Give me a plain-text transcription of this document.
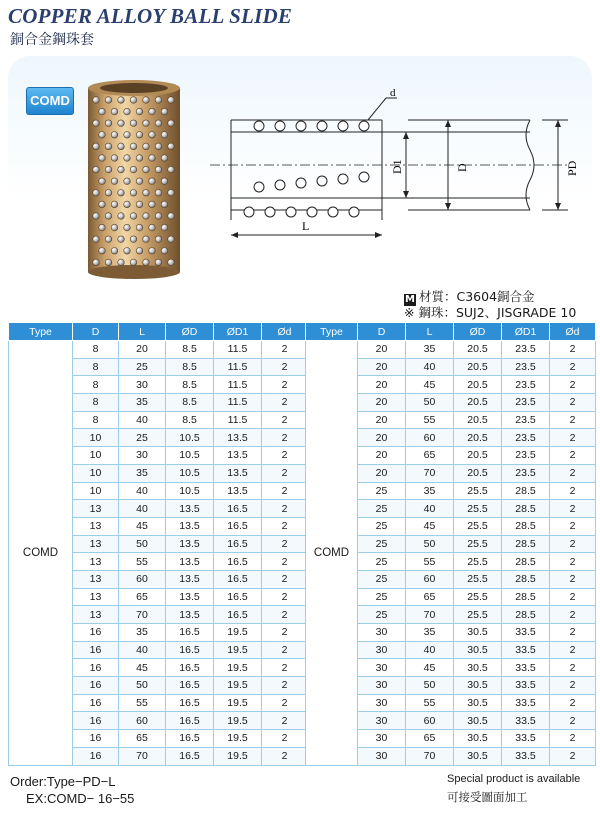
COPPER ALLOY BALL SLIDE
銅合金鋼珠套
COMD	d
D1	D	PD
L
M 材質：C3604銅合金
※ 鋼珠：SUJ2、JISGRADE 10
Type	D	L	ØD	ØD1	Ød
COMD	8	20	8.5	11.5	2
	8	25	8.5	11.5	2
	8	30	8.5	11.5	2
	8	35	8.5	11.5	2
	8	40	8.5	11.5	2
	10	25	10.5	13.5	2
	10	30	10.5	13.5	2
	10	35	10.5	13.5	2
	10	40	10.5	13.5	2
	13	40	13.5	16.5	2
	13	45	13.5	16.5	2
	13	50	13.5	16.5	2
	13	55	13.5	16.5	2
	13	60	13.5	16.5	2
	13	65	13.5	16.5	2
	13	70	13.5	16.5	2
	16	35	16.5	19.5	2
	16	40	16.5	19.5	2
	16	45	16.5	19.5	2
	16	50	16.5	19.5	2
	16	55	16.5	19.5	2
	16	60	16.5	19.5	2
	16	65	16.5	19.5	2
	16	70	16.5	19.5	2
Type	D	L	ØD	ØD1	Ød
COMD	20	35	20.5	23.5	2
	20	40	20.5	23.5	2
	20	45	20.5	23.5	2
	20	50	20.5	23.5	2
	20	55	20.5	23.5	2
	20	60	20.5	23.5	2
	20	65	20.5	23.5	2
	20	70	20.5	23.5	2
	25	35	25.5	28.5	2
	25	40	25.5	28.5	2
	25	45	25.5	28.5	2
	25	50	25.5	28.5	2
	25	55	25.5	28.5	2
	25	60	25.5	28.5	2
	25	65	25.5	28.5	2
	25	70	25.5	28.5	2
	30	35	30.5	33.5	2
	30	40	30.5	33.5	2
	30	45	30.5	33.5	2
	30	50	30.5	33.5	2
	30	55	30.5	33.5	2
	30	60	30.5	33.5	2
	30	65	30.5	33.5	2
	30	70	30.5	33.5	2
Order:Type−PD−L
EX:COMD− 16−55
Special product is available
可接受圖面加工
